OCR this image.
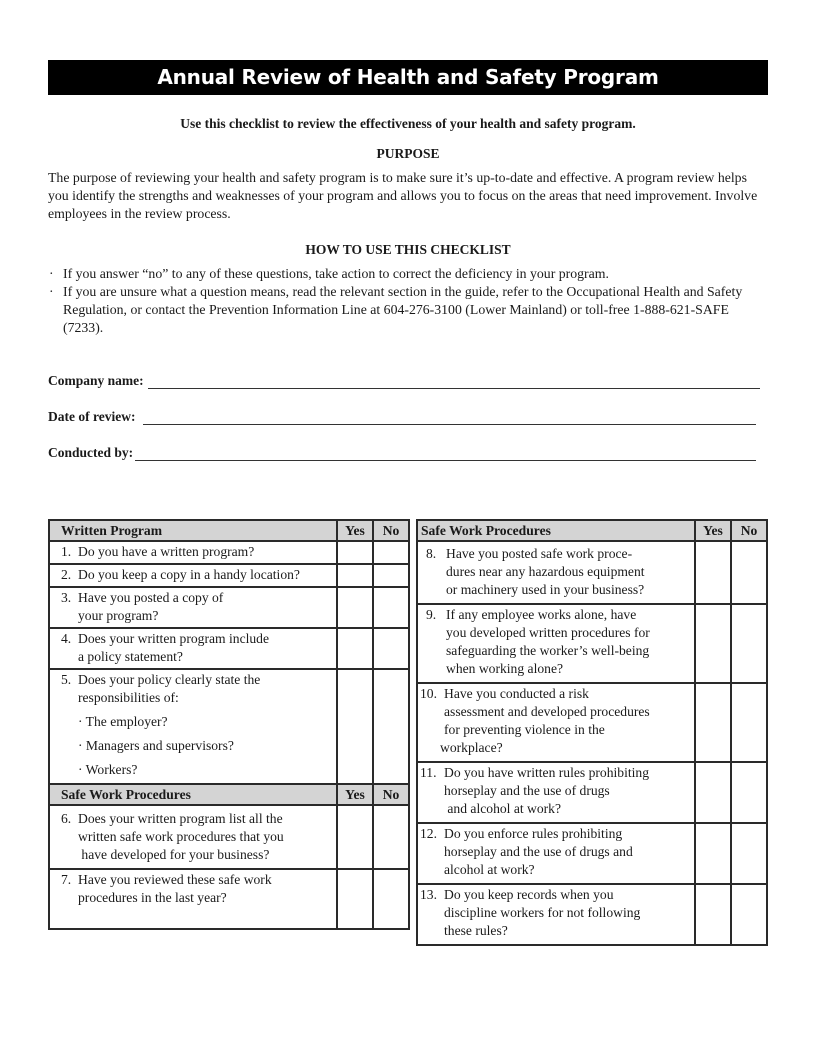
Annual Review of Health and Safety Program
Use this checklist to review the effectiveness of your health and safety program.
PURPOSE
The purpose of reviewing your health and safety program is to make sure it’s up-to-date and effective. A program review helps you identify the strengths and weaknesses of your program and allows you to focus on the areas that need improvement. Involve employees in the review process.
HOW TO USE THIS CHECKLIST
· If you answer “no” to any of these questions, take action to correct the deficiency in your program.
· If you are unsure what a question means, read the relevant section in the guide, refer to the Occupational Health and Safety Regulation, or contact the Prevention Information Line at 604-276-3100 (Lower Mainland) or toll-free 1-888-621-SAFE (7233).
Company name:
Date of review:
Conducted by:
Written Program	Yes	No
1. Do you have a written program?		
2. Do you keep a copy in a handy location?		
3. Have you posted a copy of
your program?		

4. Does your written program include
a policy statement?		

5. Does your policy clearly state the
responsibilities of:
· The employer?
· Managers and supervisors?
· Workers?		

Safe Work Procedures	Yes	No
6. Does your written program list all the
written safe work procedures that you
have developed for your business?		

7. Have you reviewed these safe work
procedures in the last year?		

Safe Work Procedures	Yes	No
8. Have you posted safe work proce-
dures near any hazardous equipment
or machinery used in your business?		

9. If any employee works alone, have
you developed written procedures for
safeguarding the worker’s well-being
when working alone?		

10. Have you conducted a risk
assessment and developed procedures
for preventing violence in the
workplace?		

11. Do you have written rules prohibiting
horseplay and the use of drugs
and alcohol at work?		

12. Do you enforce rules prohibiting
horseplay and the use of drugs and
alcohol at work?		

13. Do you keep records when you
discipline workers for not following
these rules?		
